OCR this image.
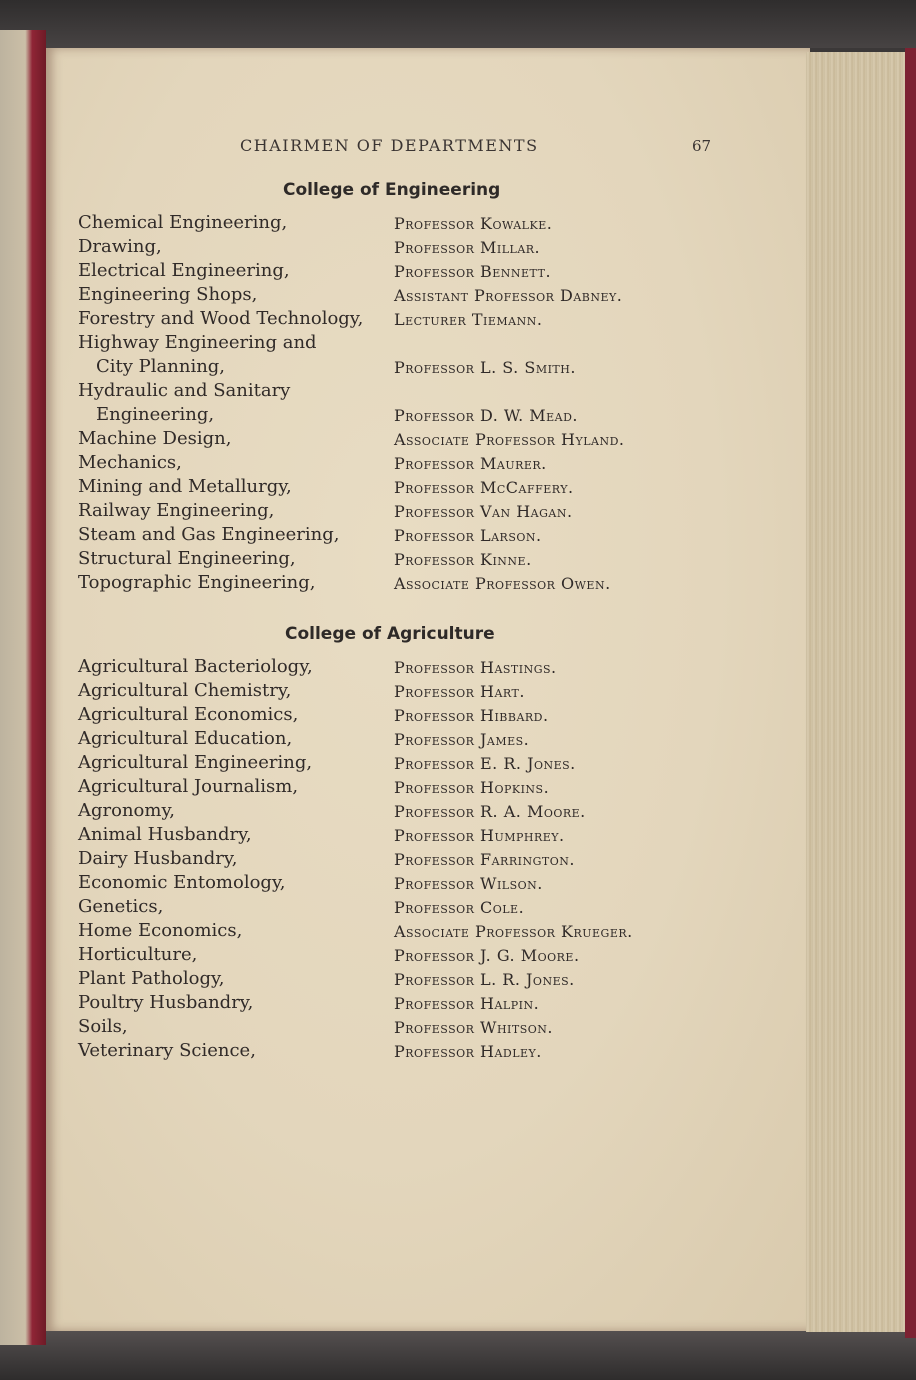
CHAIRMEN OF DEPARTMENTS	67
College of Engineering
Chemical Engineering,	Professor Kowalke.
Drawing,	Professor Millar.
Electrical Engineering,	Professor Bennett.
Engineering Shops,	Assistant Professor Dabney.
Forestry and Wood Technology, Lecturer Tiemann.
Highway Engineering and
City Planning,	Professor L. S. Smith.
Hydraulic and Sanitary
Engineering,	Professor D. W. Mead.
Machine Design,	Associate Professor Hyland.
Mechanics,	Professor Maurer.
Mining and Metallurgy,	Professor McCaffery.
Railway Engineering,	Professor Van Hagan.
Steam and Gas Engineering,	Professor Larson.
Structural Engineering,	Professor Kinne.
Topographic Engineering,	Associate Professor Owen.
College of Agriculture
Agricultural Bacteriology,	Professor Hastings.
Agricultural Chemistry,	Professor Hart.
Agricultural Economics,	Professor Hibbard.
Agricultural Education,	Professor James.
Agricultural Engineering,	Professor E. R. Jones.
Agricultural Journalism,	Professor Hopkins.
Agronomy,	Professor R. A. Moore.
Animal Husbandry,	Professor Humphrey.
Dairy Husbandry,	Professor Farrington.
Economic Entomology,	Professor Wilson.
Genetics,	Professor Cole.
Home Economics,	Associate Professor Krueger.
Horticulture,	Professor J. G. Moore.
Plant Pathology,	Professor L. R. Jones.
Poultry Husbandry,	Professor Halpin.
Soils,	Professor Whitson.
Veterinary Science,	Professor Hadley.
